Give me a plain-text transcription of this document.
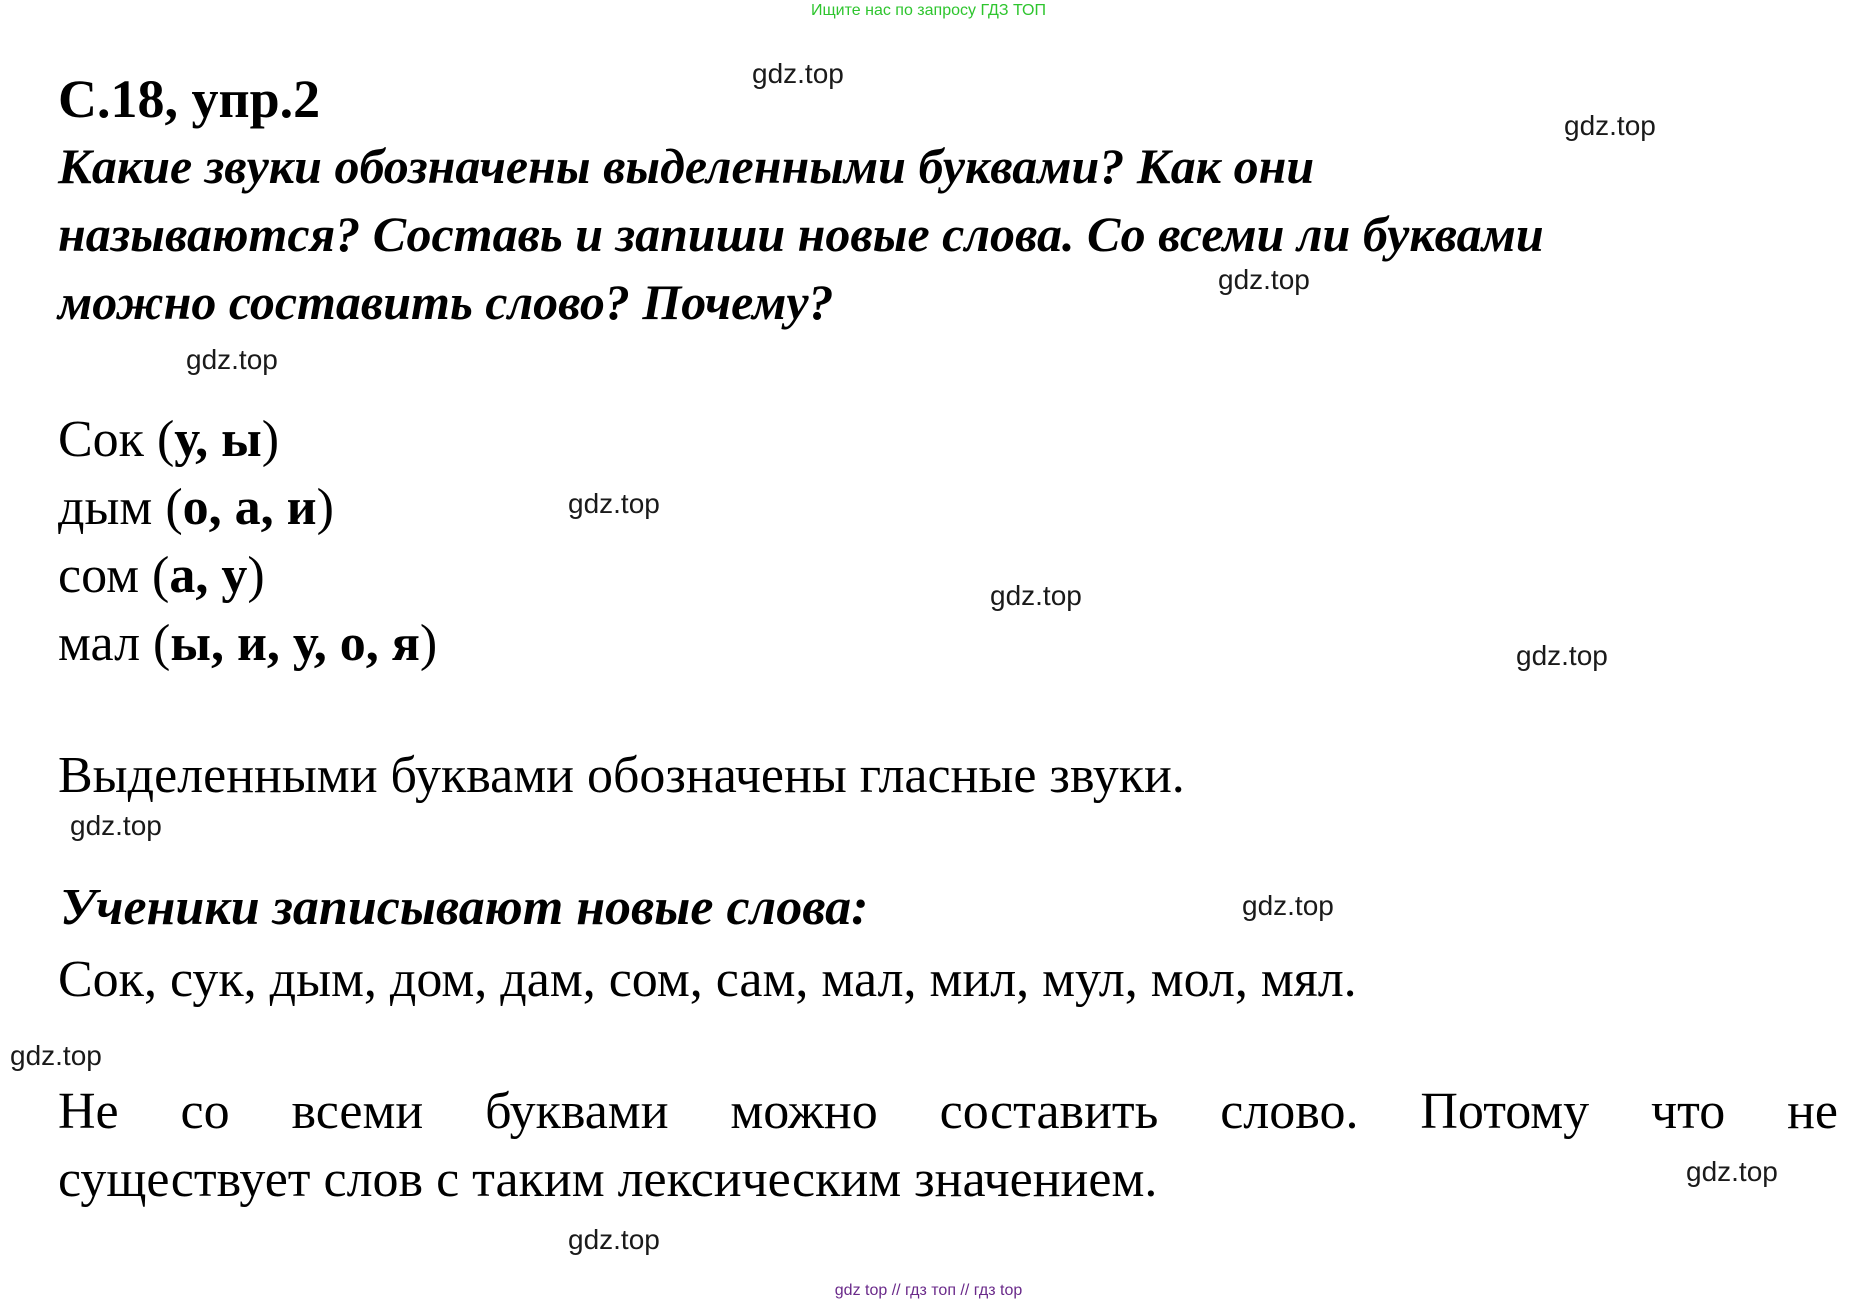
Ищите нас по запросу ГДЗ ТОП
С.18, упр.2
Какие звуки обозначены выделенными буквами? Как они
называются? Составь и запиши новые слова. Со всеми ли буквами
можно составить слово? Почему?
Сок (у, ы)
дым (о, а, и)
сом (а, у)
мал (ы, и, у, о, я)
Выделенными буквами обозначены гласные звуки.
Ученики записывают новые слова:
Сок, сук, дым, дом, дам, сом, сам, мал, мил, мул, мол, мял.
Не со всеми буквами можно составить слово. Потому что не
существует слов с таким лексическим значением.
gdz.top
gdz.top
gdz.top
gdz.top
gdz.top
gdz.top
gdz.top
gdz.top
gdz.top
gdz.top
gdz.top
gdz.top
gdz top // гдз топ // гдз top
